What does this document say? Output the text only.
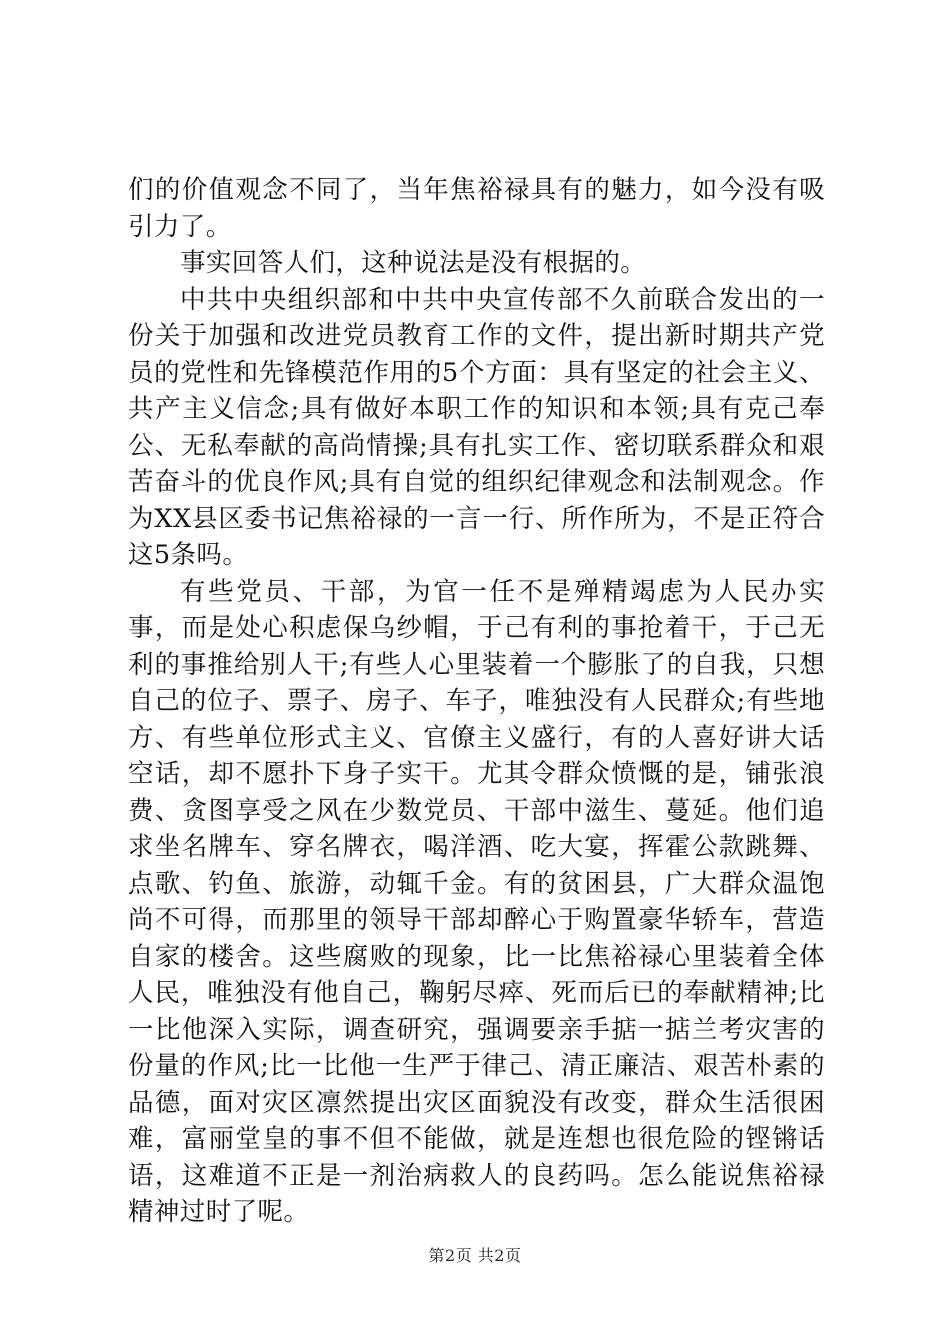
们的价值观念不同了，当年焦裕禄具有的魅力，如今没有吸引力了。

事实回答人们，这种说法是没有根据的。

中共中央组织部和中共中央宣传部不久前联合发出的一份关于加强和改进党员教育工作的文件，提出新时期共产党员的党性和先锋模范作用的5个方面：具有坚定的社会主义、共产主义信念;具有做好本职工作的知识和本领;具有克己奉公、无私奉献的高尚情操;具有扎实工作、密切联系群众和艰苦奋斗的优良作风;具有自觉的组织纪律观念和法制观念。作为XX县区委书记焦裕禄的一言一行、所作所为，不是正符合这5条吗。

有些党员、干部，为官一任不是殚精竭虑为人民办实事，而是处心积虑保乌纱帽，于己有利的事抢着干，于己无利的事推给别人干;有些人心里装着一个膨胀了的自我，只想自己的位子、票子、房子、车子，唯独没有人民群众;有些地方、有些单位形式主义、官僚主义盛行，有的人喜好讲大话空话，却不愿扑下身子实干。尤其令群众愤慨的是，铺张浪费、贪图享受之风在少数党员、干部中滋生、蔓延。他们追求坐名牌车、穿名牌衣，喝洋酒、吃大宴，挥霍公款跳舞、点歌、钓鱼、旅游，动辄千金。有的贫困县，广大群众温饱尚不可得，而那里的领导干部却醉心于购置豪华轿车，营造自家的楼舍。这些腐败的现象，比一比焦裕禄心里装着全体人民，唯独没有他自己，鞠躬尽瘁、死而后已的奉献精神;比一比他深入实际，调查研究，强调要亲手掂一掂兰考灾害的份量的作风;比一比他一生严于律己、清正廉洁、艰苦朴素的品德，面对灾区凛然提出灾区面貌没有改变，群众生活很困难，富丽堂皇的事不但不能做，就是连想也很危险的铿锵话语，这难道不正是一剂治病救人的良药吗。怎么能说焦裕禄精神过时了呢。

第2页 共2页
